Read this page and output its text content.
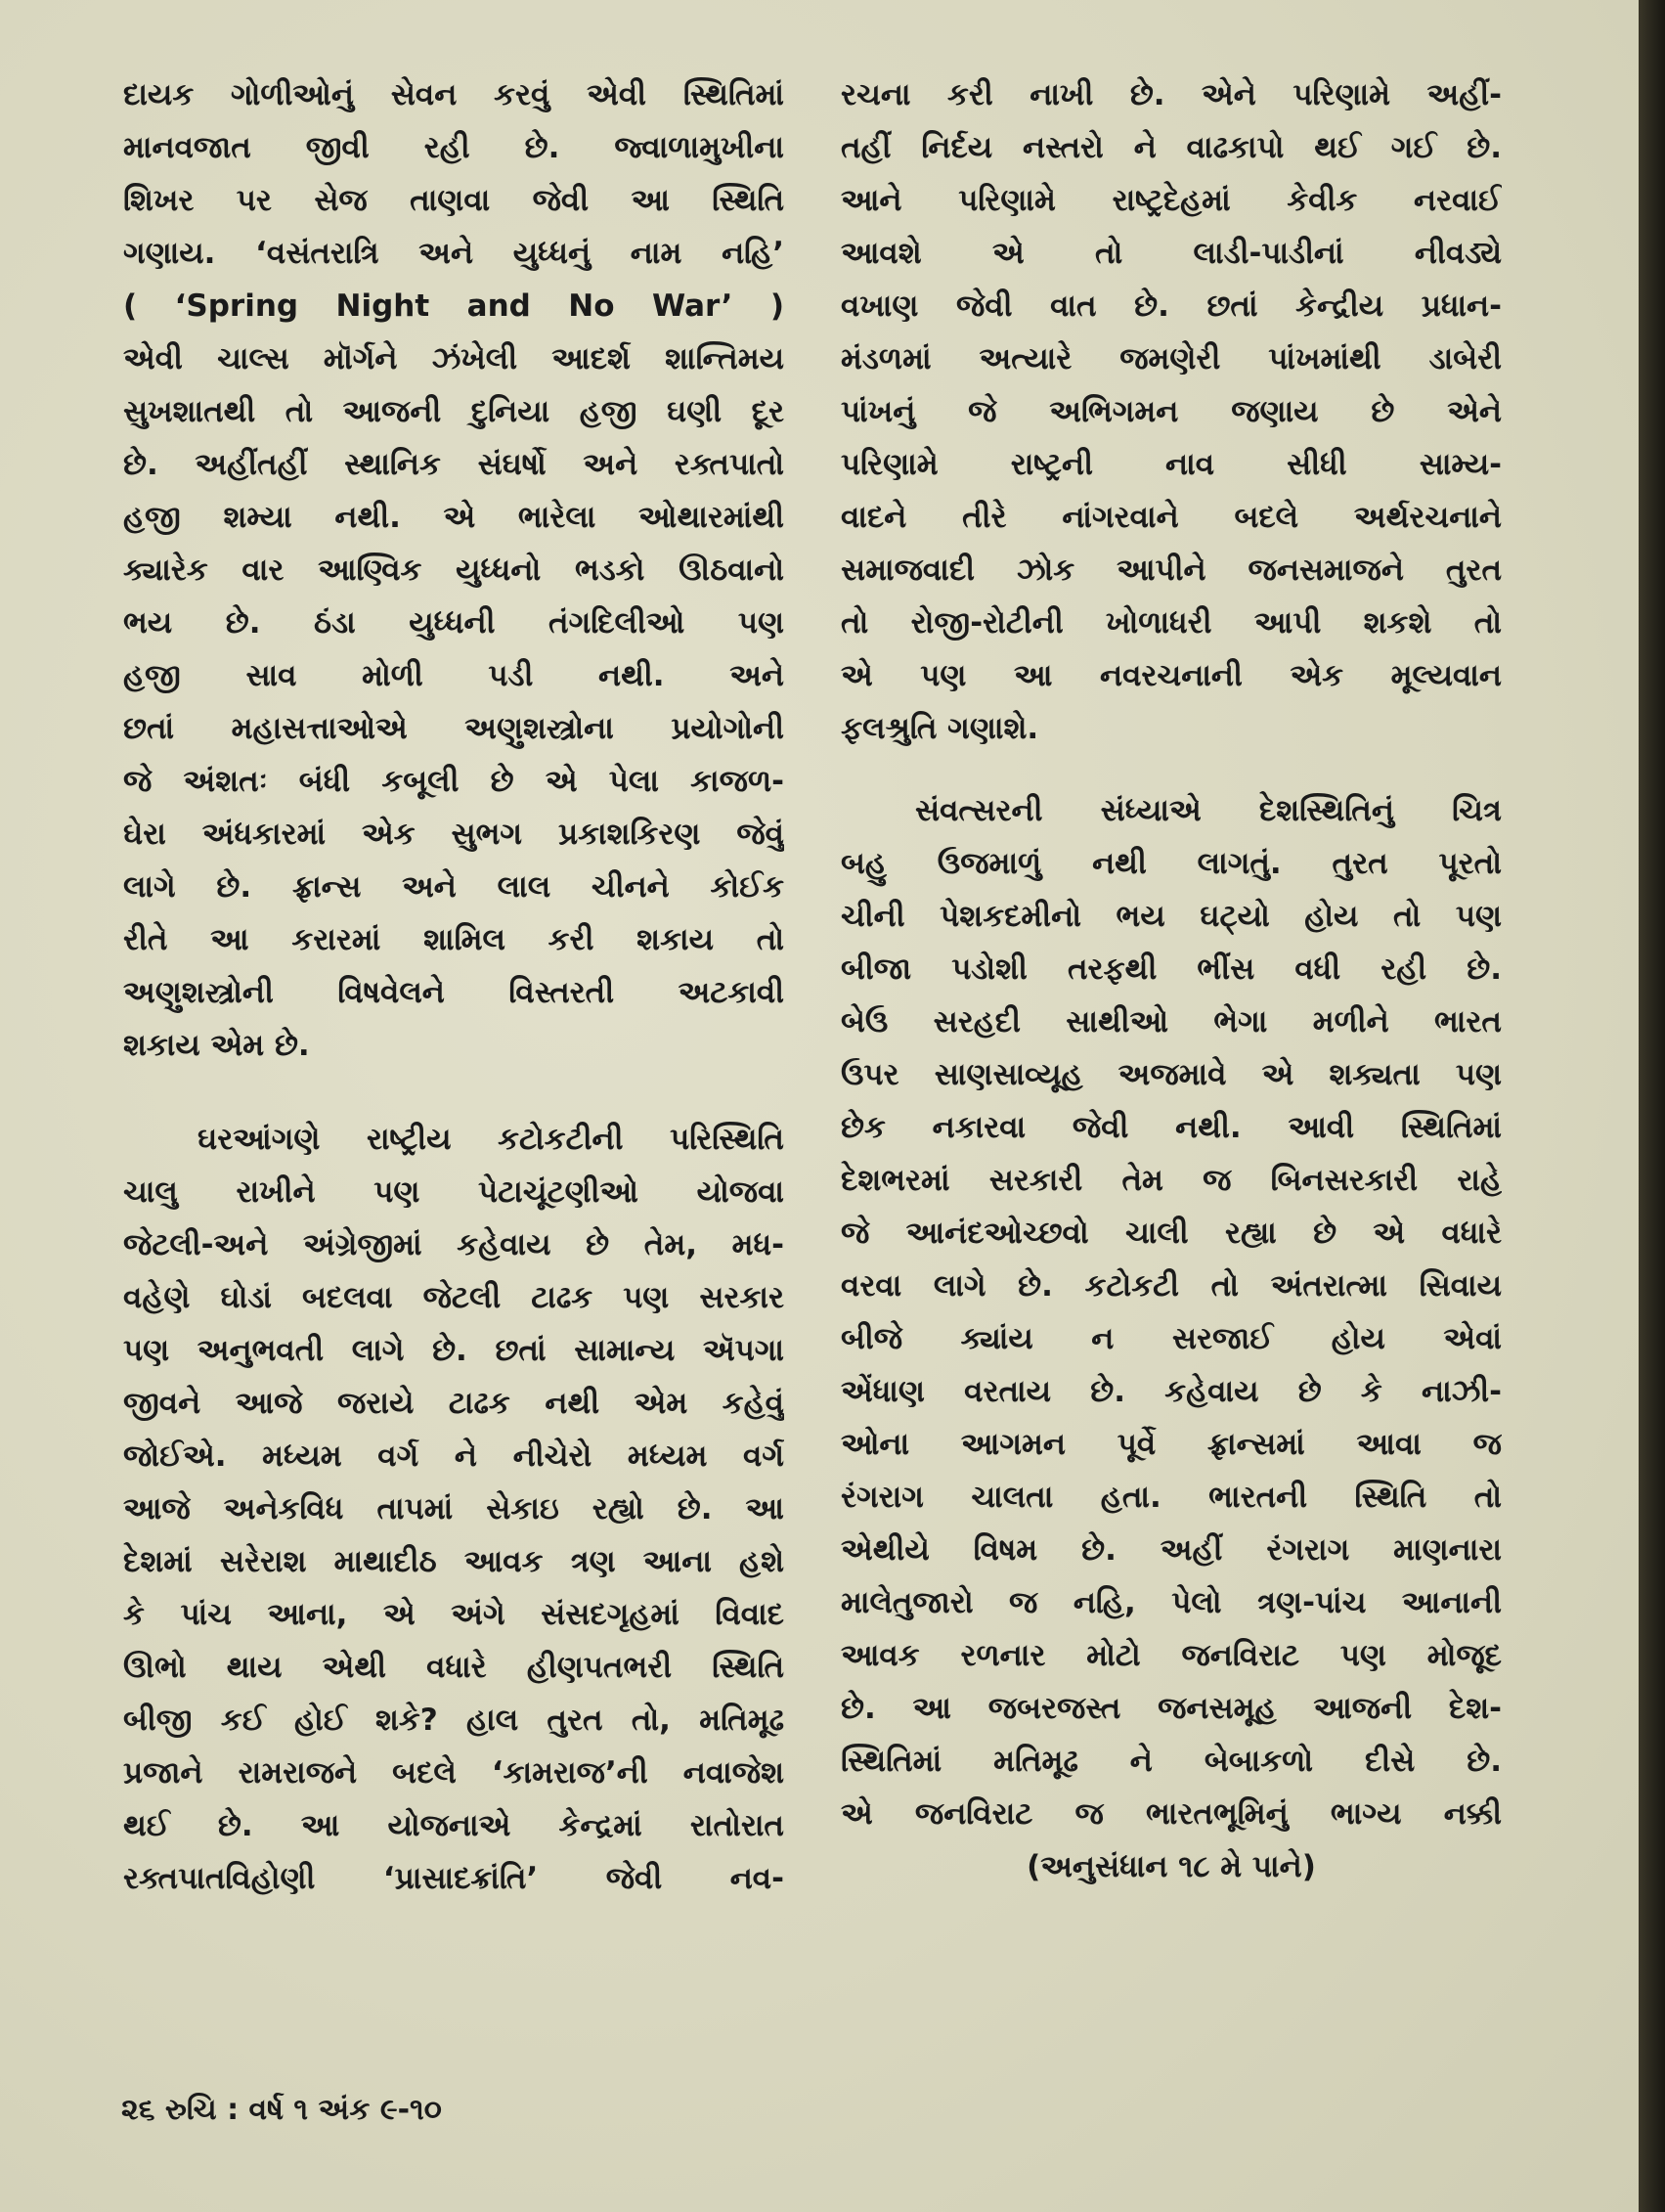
દાયક ગોળીઓનું સેવન કરવું એવી સ્થિતિમાં
માનવજાત જીવી રહી છે. જ્વાળામુખીના
શિખર પર સેજ તાણવા જેવી આ સ્થિતિ
ગણાય. ‘વસંતરાત્રિ અને યુધ્ધનું નામ નહિ’
( ‘Spring Night and No War’ )
એવી ચાલ્સ મૉર્ગને ઝંખેલી આદર્શ શાન્તિમય
સુખશાતથી તો આજની દુનિયા હજી ઘણી દૂર
છે. અહીંતહીં સ્થાનિક સંઘર્ષો અને રક્તપાતો
હજી શમ્યા નથી. એ ભારેલા ઓથારમાંથી
ક્યારેક વાર આણ્વિક યુધ્ધનો ભડકો ઊઠવાનો
ભય છે. ઠંડા યુધ્ધની તંગદિલીઓ પણ
હજી સાવ મોળી પડી નથી. અને
છતાં મહાસત્તાઓએ અણુશસ્ત્રોના પ્રયોગોની
જે અંશતઃ બંધી કબૂલી છે એ પેલા કાજળ-
ઘેરા અંધકારમાં એક સુભગ પ્રકાશકિરણ જેવું
લાગે છે. ફ્રાન્સ અને લાલ ચીનને કોઈક
રીતે આ કરારમાં શામિલ કરી શકાય તો
અણુશસ્ત્રોની વિષવેલને વિસ્તરતી અટકાવી
શકાય એમ છે.
ઘરઆંગણે રાષ્ટ્રીય કટોકટીની પરિસ્થિતિ
ચાલુ રાખીને પણ પેટાચૂંટણીઓ યોજવા
જેટલી-અને અંગ્રેજીમાં કહેવાય છે તેમ, મધ-
વહેણે ઘોડાં બદલવા જેટલી ટાઢક પણ સરકાર
પણ અનુભવતી લાગે છે. છતાં સામાન્ય ઍપગા
જીવને આજે જરાયે ટાઢક નથી એમ કહેવું
જોઈએ. મધ્યમ વર્ગ ને નીચેરો મધ્યમ વર્ગ
આજે અનેકવિધ તાપમાં સેકાઇ રહ્યો છે. આ
દેશમાં સરેરાશ માથાદીઠ આવક ત્રણ આના હશે
કે પાંચ આના, એ અંગે સંસદગૃહમાં વિવાદ
ઊભો થાય એથી વધારે હીણપતભરી સ્થિતિ
બીજી કઈ હોઈ શકે? હાલ તુરત તો, મતિમૂઢ
પ્રજાને રામરાજને બદલે ‘કામરાજ’ની નવાજેશ
થઈ છે. આ યોજનાએ કેન્દ્રમાં રાતોરાત
રક્તપાતવિહોણી ‘પ્રાસાદક્રાંતિ’ જેવી નવ-
રચના કરી નાખી છે. એને પરિણામે અહીં-
તહીં નિર્દય નસ્તરો ને વાઢકાપો થઈ ગઈ છે.
આને પરિણામે રાષ્ટ્રદેહમાં કેવીક નરવાઈ
આવશે એ તો લાડી-પાડીનાં નીવડ્યે
વખાણ જેવી વાત છે. છતાં કેન્દ્રીય પ્રધાન-
મંડળમાં અત્યારે જમણેરી પાંખમાંથી ડાબેરી
પાંખનું જે અભિગમન જણાય છે એને
પરિણામે રાષ્ટ્રની નાવ સીધી સામ્ય-
વાદને તીરે નાંગરવાને બદલે અર્થરચનાને
સમાજવાદી ઝોક આપીને જનસમાજને તુરત
તો રોજી-રોટીની ખોળાધરી આપી શકશે તો
એ પણ આ નવરચનાની એક મૂલ્યવાન
ફલશ્રુતિ ગણાશે.
સંવત્સરની સંધ્યાએ દેશસ્થિતિનું ચિત્ર
બહુ ઉજમાળું નથી લાગતું. તુરત પૂરતો
ચીની પેશકદમીનો ભય ઘટ્યો હોય તો પણ
બીજા પડોશી તરફથી ભીંસ વધી રહી છે.
બેઉ સરહદી સાથીઓ ભેગા મળીને ભારત
ઉપર સાણસાવ્યૂહ અજમાવે એ શક્યતા પણ
છેક નકારવા જેવી નથી. આવી સ્થિતિમાં
દેશભરમાં સરકારી તેમ જ બિનસરકારી રાહે
જે આનંદઓચ્છવો ચાલી રહ્યા છે એ વધારે
વરવા લાગે છે. કટોકટી તો અંતરાત્મા સિવાય
બીજે ક્યાંય ન સરજાઈ હોય એવાં
એંધાણ વરતાય છે. કહેવાય છે કે નાઝી-
ઓના આગમન પૂર્વે ફ્રાન્સમાં આવા જ
રંગરાગ ચાલતા હતા. ભારતની સ્થિતિ તો
એથીયે વિષમ છે. અહીં રંગરાગ માણનારા
માલેતુજારો જ નહિ, પેલો ત્રણ-પાંચ આનાની
આવક રળનાર મોટો જનવિરાટ પણ મોજૂદ
છે. આ જબરજસ્ત જનસમૂહ આજની દેશ-
સ્થિતિમાં મતિમૂઢ ને બેબાકળો દીસે છે.
એ જનવિરાટ જ ભારતભૂમિનું ભાગ્ય નક્કી
(અનુસંધાન ૧૮ મે પાને)
૨૬ રુચિ : વર્ષ ૧ અંક ૯-૧૦
